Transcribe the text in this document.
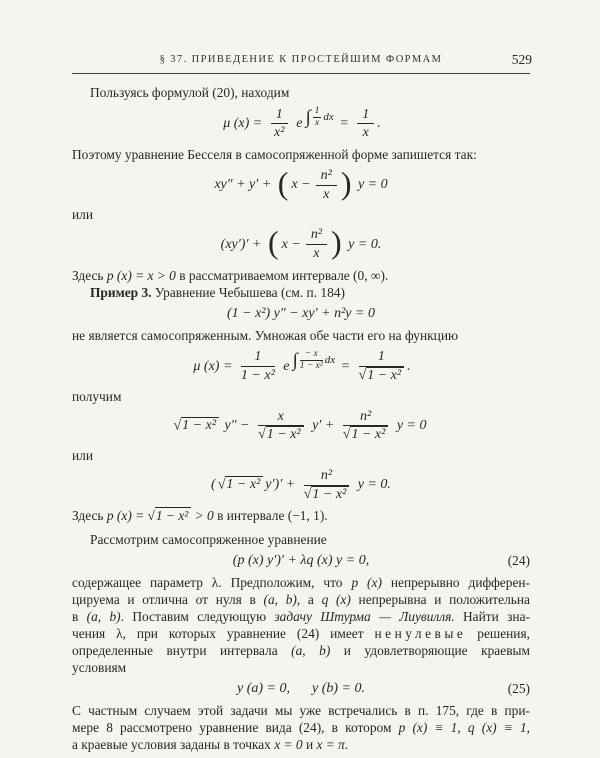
§ 37. ПРИВЕДЕНИЕ К ПРОСТЕЙШИМ ФОРМАМ	529

Пользуясь формулой (20), находим

μ $(x) = \frac{1}{\text{x²}}$ e ∫ $\frac{1}{x}$ dx = $\frac{1}{x}$ .

Поэтому уравнение Бесселя в самосопряженной форме запишется так:

xy″ + y′ + ( $x - \frac{\text{n²}}{x}$ ) y = 0

или

(xy′)′ + ( $x - \frac{\text{n²}}{x}$ ) y = 0.

Здесь p (x) = x > 0 в рассматриваемом интервале (0, ∞).

Пример 3. Уравнение Чебышева (см. п. 184)

(1 − x²) y″ − xy′ + n²y = 0

не является самосопряженным. Умножая обе части его на функцию

μ $(x) = \frac{1}{\text{1 − x²}}$ e ∫ $\frac{- x}{\text{1 − x²}}$ dx = $\frac{1}{\text{√1 − x²}}$ .

получим

√1 − x² $y'' - \frac{x}{\text{√1 − x²}} y' + \frac{\text{n²}}{\text{√1 − x²}}$ y = 0

или

( √1 − x² $y')' + \frac{\text{n²}}{\text{√1 − x²}}$ y = 0.

Здесь p (x) = √1 − x² > 0 в интервале (−1, 1).

Рассмотрим самосопряженное уравнение

(p (x) y′)′ + λq (x) y = 0,	(24)
содержащее параметр λ. Предположим, что p (x) непрерывно дифферен-
цируема и отлична от нуля в (a, b), а q (x) непрерывна и положительна
в (a, b). Поставим следующую задачу Штурма — Лиувилля. Найти зна-
чения λ, при которых уравнение (24) имеет ненулевые решения,
определенные внутри интервала (a, b) и удовлетворяющие краевым
условиям
y (a) = 0, y (b) = 0.	(25)
С частным случаем этой задачи мы уже встречались в п. 175, где в при-
мере 8 рассмотрено уравнение вида (24), в котором p (x) ≡ 1, q (x) ≡ 1,
а краевые условия заданы в точках x = 0 и x = π.
